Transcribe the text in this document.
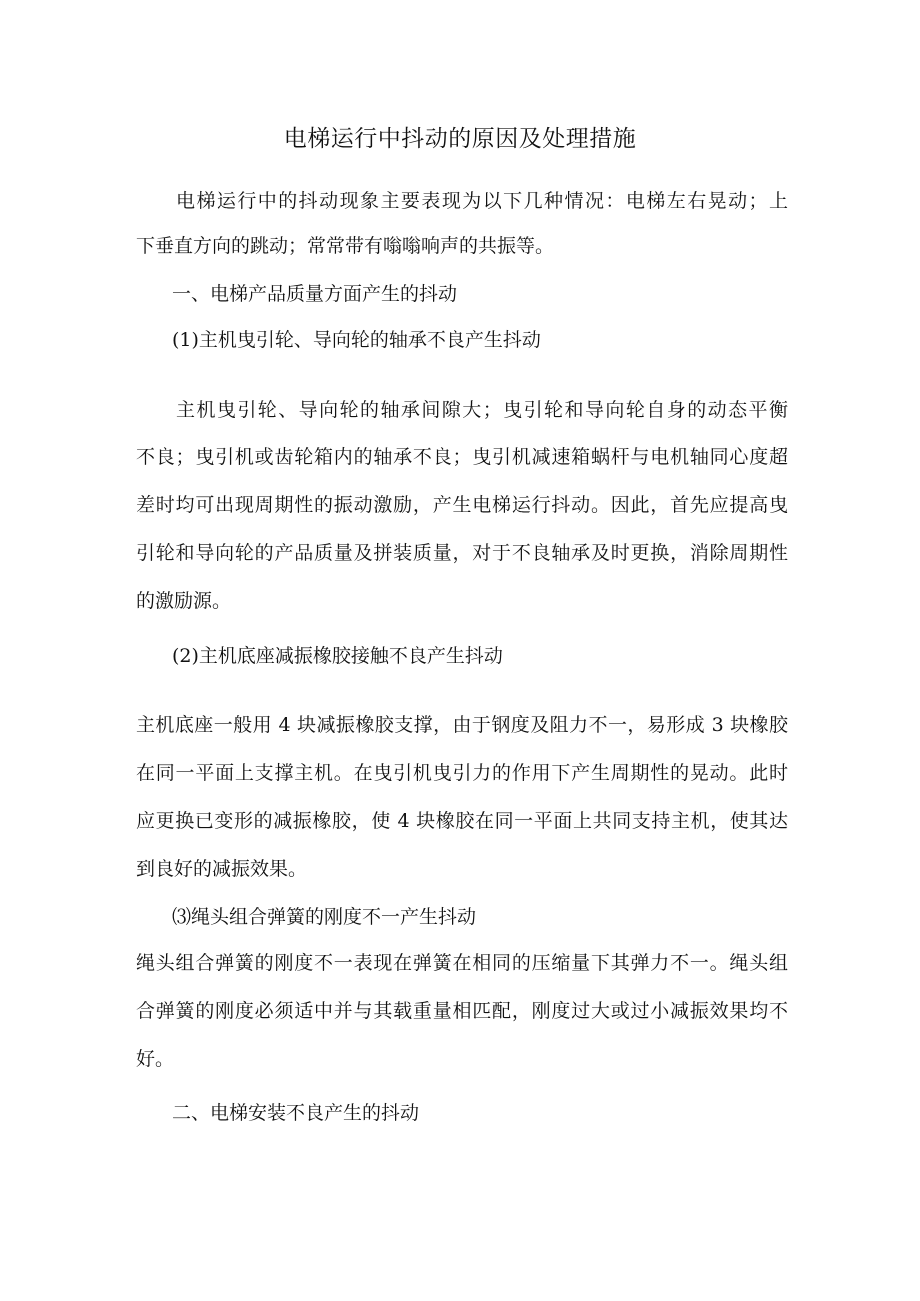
电梯运行中抖动的原因及处理措施

电梯运行中的抖动现象主要表现为以下几种情况：电梯左右晃动；上

下垂直方向的跳动；常常带有嗡嗡响声的共振等。

一、电梯产品质量方面产生的抖动

(1)主机曳引轮、导向轮的轴承不良产生抖动

主机曳引轮、导向轮的轴承间隙大；曳引轮和导向轮自身的动态平衡

不良；曳引机或齿轮箱内的轴承不良；曳引机减速箱蜗杆与电机轴同心度超

差时均可出现周期性的振动激励，产生电梯运行抖动。因此，首先应提高曳

引轮和导向轮的产品质量及拼装质量，对于不良轴承及时更换，消除周期性

的激励源。

(2)主机底座减振橡胶接触不良产生抖动

主机底座一般用 4 块减振橡胶支撑，由于钢度及阻力不一，易形成 3 块橡胶

在同一平面上支撑主机。在曳引机曳引力的作用下产生周期性的晃动。此时

应更换已变形的减振橡胶，使 4 块橡胶在同一平面上共同支持主机，使其达

到良好的减振效果。

⑶绳头组合弹簧的刚度不一产生抖动

绳头组合弹簧的刚度不一表现在弹簧在相同的压缩量下其弹力不一。绳头组

合弹簧的刚度必须适中并与其载重量相匹配，刚度过大或过小减振效果均不

好。

二、电梯安装不良产生的抖动
